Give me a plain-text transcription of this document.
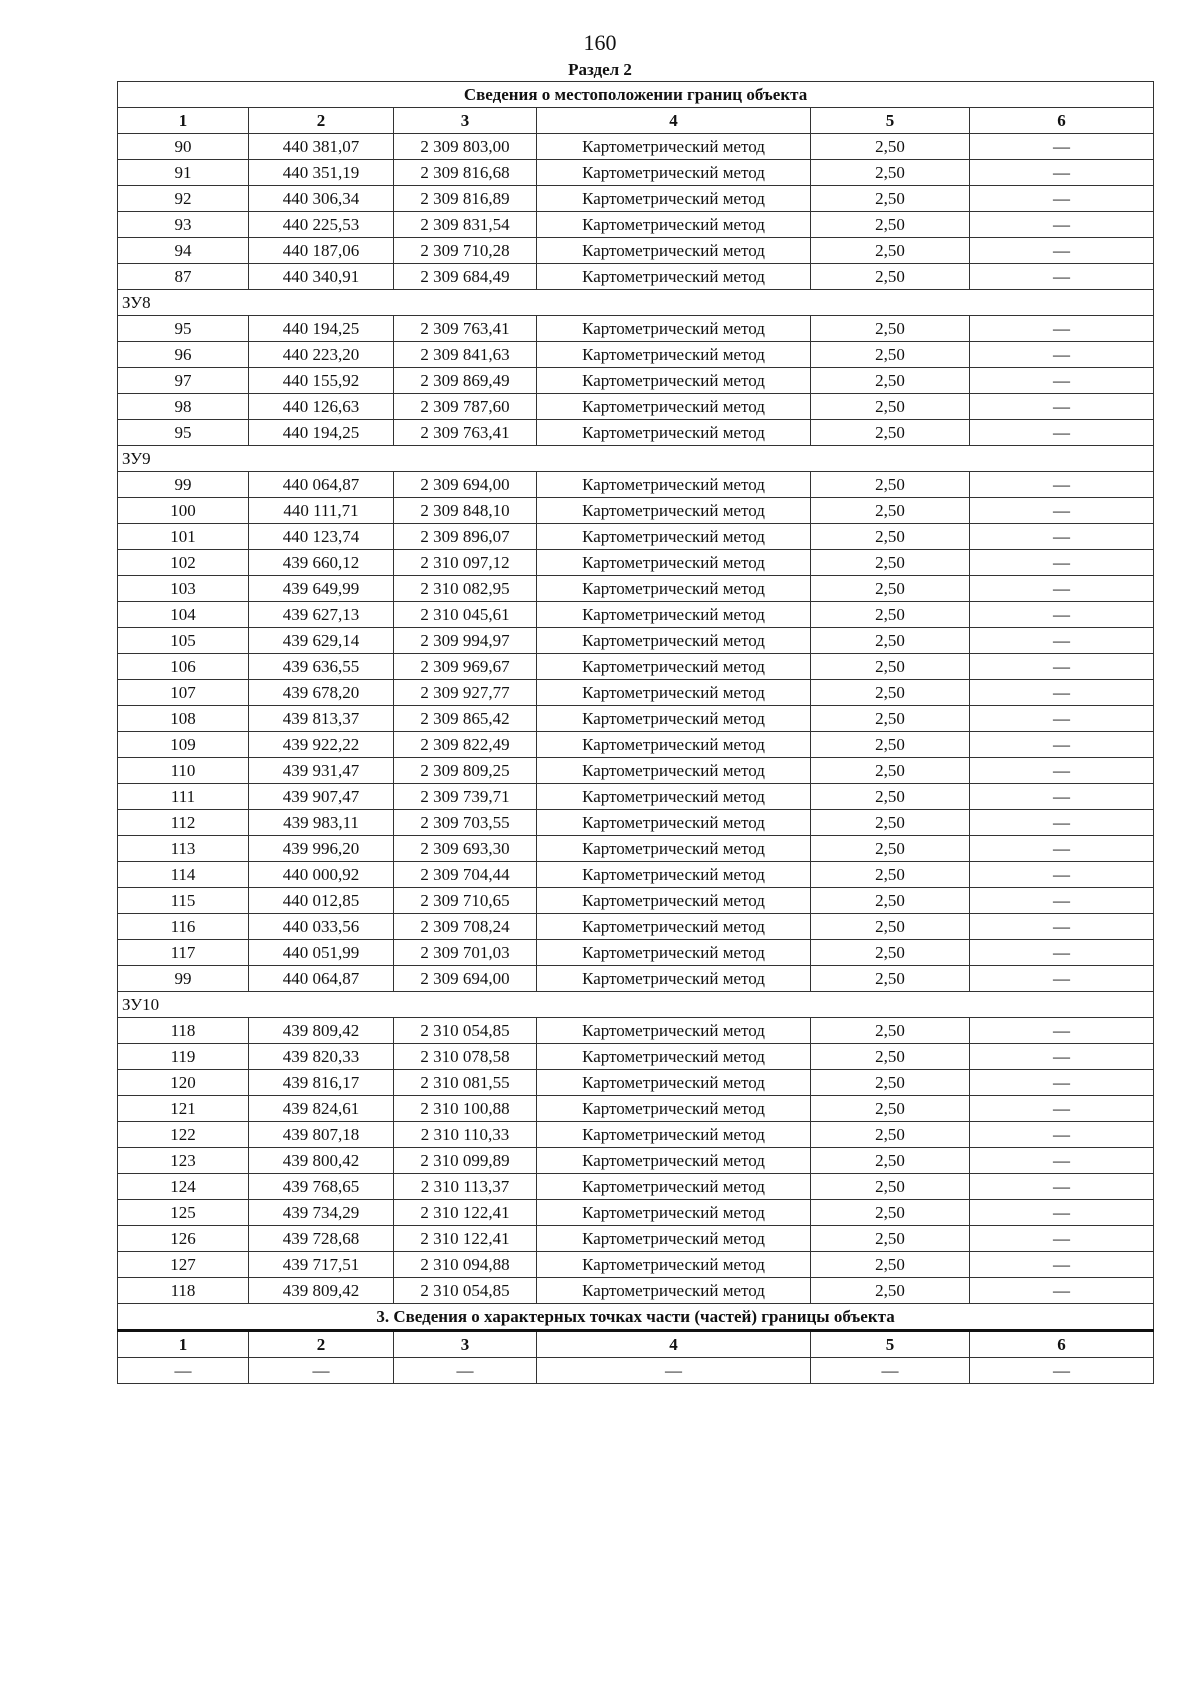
160
Раздел 2
Сведения о местоположении границ объекта					
1	2	3	4	5	6
90	440 381,07	2 309 803,00	Картометрический метод	2,50	—
91	440 351,19	2 309 816,68	Картометрический метод	2,50	—
92	440 306,34	2 309 816,89	Картометрический метод	2,50	—
93	440 225,53	2 309 831,54	Картометрический метод	2,50	—
94	440 187,06	2 309 710,28	Картометрический метод	2,50	—
87	440 340,91	2 309 684,49	Картометрический метод	2,50	—
ЗУ8					
95	440 194,25	2 309 763,41	Картометрический метод	2,50	—
96	440 223,20	2 309 841,63	Картометрический метод	2,50	—
97	440 155,92	2 309 869,49	Картометрический метод	2,50	—
98	440 126,63	2 309 787,60	Картометрический метод	2,50	—
95	440 194,25	2 309 763,41	Картометрический метод	2,50	—
ЗУ9					
99	440 064,87	2 309 694,00	Картометрический метод	2,50	—
100	440 111,71	2 309 848,10	Картометрический метод	2,50	—
101	440 123,74	2 309 896,07	Картометрический метод	2,50	—
102	439 660,12	2 310 097,12	Картометрический метод	2,50	—
103	439 649,99	2 310 082,95	Картометрический метод	2,50	—
104	439 627,13	2 310 045,61	Картометрический метод	2,50	—
105	439 629,14	2 309 994,97	Картометрический метод	2,50	—
106	439 636,55	2 309 969,67	Картометрический метод	2,50	—
107	439 678,20	2 309 927,77	Картометрический метод	2,50	—
108	439 813,37	2 309 865,42	Картометрический метод	2,50	—
109	439 922,22	2 309 822,49	Картометрический метод	2,50	—
110	439 931,47	2 309 809,25	Картометрический метод	2,50	—
111	439 907,47	2 309 739,71	Картометрический метод	2,50	—
112	439 983,11	2 309 703,55	Картометрический метод	2,50	—
113	439 996,20	2 309 693,30	Картометрический метод	2,50	—
114	440 000,92	2 309 704,44	Картометрический метод	2,50	—
115	440 012,85	2 309 710,65	Картометрический метод	2,50	—
116	440 033,56	2 309 708,24	Картометрический метод	2,50	—
117	440 051,99	2 309 701,03	Картометрический метод	2,50	—
99	440 064,87	2 309 694,00	Картометрический метод	2,50	—
ЗУ10					
118	439 809,42	2 310 054,85	Картометрический метод	2,50	—
119	439 820,33	2 310 078,58	Картометрический метод	2,50	—
120	439 816,17	2 310 081,55	Картометрический метод	2,50	—
121	439 824,61	2 310 100,88	Картометрический метод	2,50	—
122	439 807,18	2 310 110,33	Картометрический метод	2,50	—
123	439 800,42	2 310 099,89	Картометрический метод	2,50	—
124	439 768,65	2 310 113,37	Картометрический метод	2,50	—
125	439 734,29	2 310 122,41	Картометрический метод	2,50	—
126	439 728,68	2 310 122,41	Картометрический метод	2,50	—
127	439 717,51	2 310 094,88	Картометрический метод	2,50	—
118	439 809,42	2 310 054,85	Картометрический метод	2,50	—
3. Сведения о характерных точках части (частей) границы объекта					
1	2	3	4	5	6
—	—	—	—	—	—
